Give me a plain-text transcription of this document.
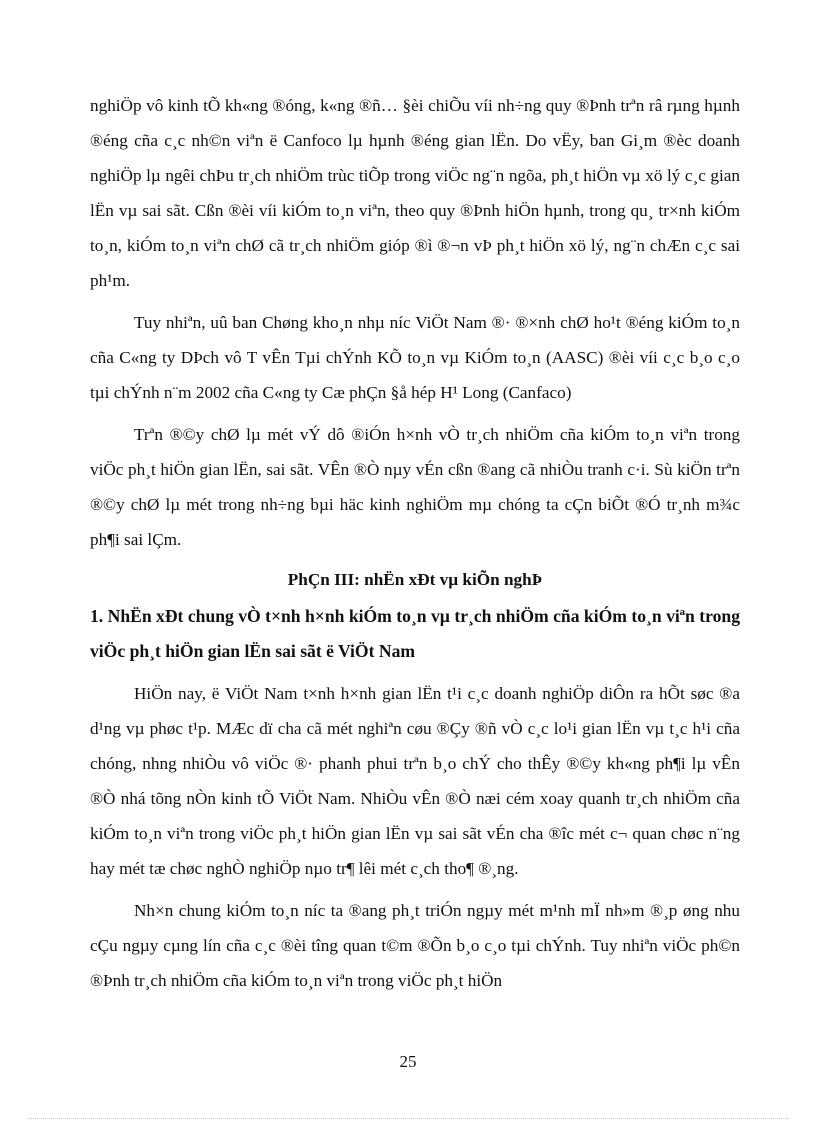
nghiÖp vô kinh tÕ kh«ng ®óng, k«ng ®ñ… §èi chiÕu víi nh÷ng quy ®Þnh trªn râ rµng hµnh ®éng cña c¸c nh©n viªn ë Canfoco lµ hµnh ®éng gian lËn. Do vËy, ban Gi¸m ®èc doanh nghiÖp lµ ngêi chÞu tr¸ch nhiÖm trùc tiÕp trong viÖc ng¨n ngõa, ph¸t hiÖn vµ xö lý c¸c gian lËn vµ sai sãt. Cßn ®èi víi kiÓm to¸n viªn, theo quy ®Þnh hiÖn hµnh, trong qu¸ tr×nh kiÓm to¸n, kiÓm to¸n viªn chØ cã tr¸ch nhiÖm gióp ®ì ®¬n vÞ ph¸t hiÖn xö lý, ng¨n chÆn c¸c sai ph¹m.

Tuy nhiªn, uû ban Chøng kho¸n nhµ níc ViÖt Nam ®· ®×nh chØ ho¹t ®éng kiÓm to¸n cña C«ng ty DÞch vô T vÊn Tµi chÝnh KÕ to¸n vµ KiÓm to¸n (AASC) ®èi víi c¸c b¸o c¸o tµi chÝnh n¨m 2002 cña C«ng ty Cæ phÇn §å hép H¹ Long (Canfaco)

Trªn ®©y chØ lµ mét vÝ dô ®iÓn h×nh vÒ tr¸ch nhiÖm cña kiÓm to¸n viªn trong viÖc ph¸t hiÖn gian lËn, sai sãt. VÊn ®Ò nµy vÉn cßn ®ang cã nhiÒu tranh c·i. Sù kiÖn trªn ®©y chØ lµ mét trong nh÷ng bµi häc kinh nghiÖm mµ chóng ta cÇn biÕt ®Ó tr¸nh m¾c ph¶i sai lÇm.

PhÇn III: nhËn xÐt vµ kiÕn nghÞ
1. NhËn xÐt chung vÒ t×nh h×nh kiÓm to¸n vµ tr¸ch nhiÖm cña kiÓm to¸n viªn trong viÖc ph¸t hiÖn gian lËn sai sãt ë ViÖt Nam

HiÖn nay, ë ViÖt Nam t×nh h×nh gian lËn t¹i c¸c doanh nghiÖp diÔn ra hÕt søc ®a d¹ng vµ phøc t¹p. MÆc dï cha cã mét nghiªn cøu ®Çy ®ñ vÒ c¸c lo¹i gian lËn vµ t¸c h¹i cña chóng, nhng nhiÒu vô viÖc ®· phanh phui trªn b¸o chÝ cho thÊy ®©y kh«ng ph¶i lµ vÊn ®Ò nhá tõng nÒn kinh tÕ ViÖt Nam. NhiÒu vÊn ®Ò næi cém xoay quanh tr¸ch nhiÖm cña kiÓm to¸n viªn trong viÖc ph¸t hiÖn gian lËn vµ sai sãt vÉn cha ®îc mét c¬ quan chøc n¨ng hay mét tæ chøc nghÒ nghiÖp nµo tr¶ lêi mét c¸ch tho¶ ®¸ng.

Nh×n chung kiÓm to¸n níc ta ®ang ph¸t triÓn ngµy mét m¹nh mÏ nh»m ®¸p øng nhu cÇu ngµy cµng lín cña c¸c ®èi tîng quan t©m ®Õn b¸o c¸o tµi chÝnh. Tuy nhiªn viÖc ph©n ®Þnh tr¸ch nhiÖm cña kiÓm to¸n viªn trong viÖc ph¸t hiÖn

25
